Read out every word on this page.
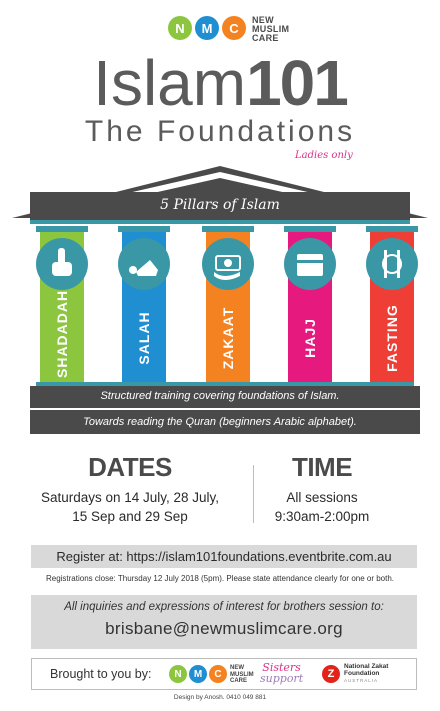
N	M	C
NEW
MUSLIM
CARE
Islam101
The Foundations
Ladies only
5 Pillars of Islam
SHADADAH	SALAH	ZAKAAT	HAJJ	FASTING
Structured training covering foundations of Islam.
Towards reading the Quran (beginners Arabic alphabet).
DATES
Saturdays on 14 July, 28 July,
15 Sep and 29 Sep
TIME
All sessions
9:30am-2:00pm
Register at: https://islam101foundations.eventbrite.com.au
Registrations close: Thursday 12 July 2018 (5pm). Please state attendance clearly for one or both.
All inquiries and expressions of interest for brothers session to:
brisbane@newmuslimcare.org
Brought to you by:	N	M	C
NEW
MUSLIM
CARE
Sisters
support	Z
National Zakat
Foundation
AUSTRALIA
Design by Anosh. 0410 049 881
